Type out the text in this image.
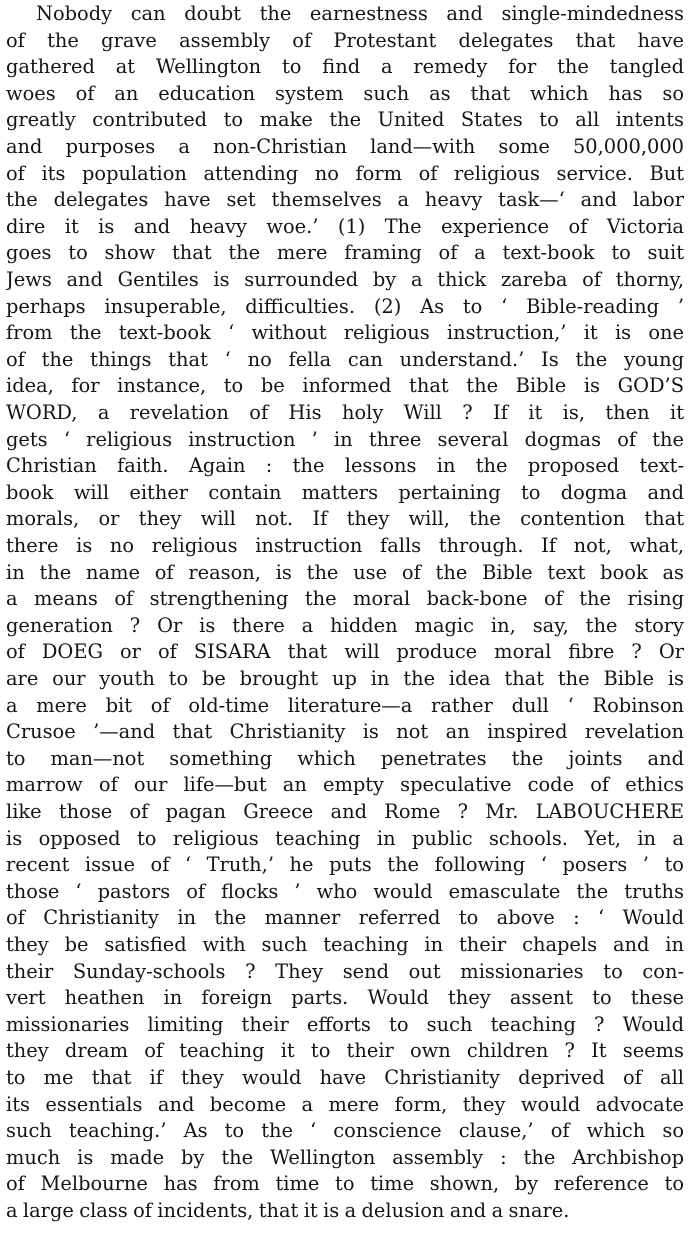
Nobody can doubt the earnestness and single-mindedness
of the grave assembly of Protestant delegates that have
gathered at Wellington to find a remedy for the tangled
woes of an education system such as that which has so
greatly contributed to make the United States to all intents
and purposes a non-Christian land—with some 50,000,000
of its population attending no form of religious service. But
the delegates have set themselves a heavy task—‘ and labor
dire it is and heavy woe.’ (1) The experience of Victoria
goes to show that the mere framing of a text-book to suit
Jews and Gentiles is surrounded by a thick zareba of thorny,
perhaps insuperable, difficulties. (2) As to ‘ Bible-reading ’
from the text-book ‘ without religious instruction,’ it is one
of the things that ‘ no fella can understand.’ Is the young
idea, for instance, to be informed that the Bible is GOD’S
WORD, a revelation of His holy Will ? If it is, then it
gets ‘ religious instruction ’ in three several dogmas of the
Christian faith. Again : the lessons in the proposed text-
book will either contain matters pertaining to dogma and
morals, or they will not. If they will, the contention that
there is no religious instruction falls through. If not, what,
in the name of reason, is the use of the Bible text book as
a means of strengthening the moral back-bone of the rising
generation ? Or is there a hidden magic in, say, the story
of DOEG or of SISARA that will produce moral fibre ? Or
are our youth to be brought up in the idea that the Bible is
a mere bit of old-time literature—a rather dull ‘ Robinson
Crusoe ’—and that Christianity is not an inspired revelation
to man—not something which penetrates the joints and
marrow of our life—but an empty speculative code of ethics
like those of pagan Greece and Rome ? Mr. LABOUCHERE
is opposed to religious teaching in public schools. Yet, in a
recent issue of ‘ Truth,’ he puts the following ‘ posers ’ to
those ‘ pastors of flocks ’ who would emasculate the truths
of Christianity in the manner referred to above : ‘ Would
they be satisfied with such teaching in their chapels and in
their Sunday-schools ? They send out missionaries to con-
vert heathen in foreign parts. Would they assent to these
missionaries limiting their efforts to such teaching ? Would
they dream of teaching it to their own children ? It seems
to me that if they would have Christianity deprived of all
its essentials and become a mere form, they would advocate
such teaching.’ As to the ‘ conscience clause,’ of which so
much is made by the Wellington assembly : the Archbishop
of Melbourne has from time to time shown, by reference to
a large class of incidents, that it is a delusion and a snare.
